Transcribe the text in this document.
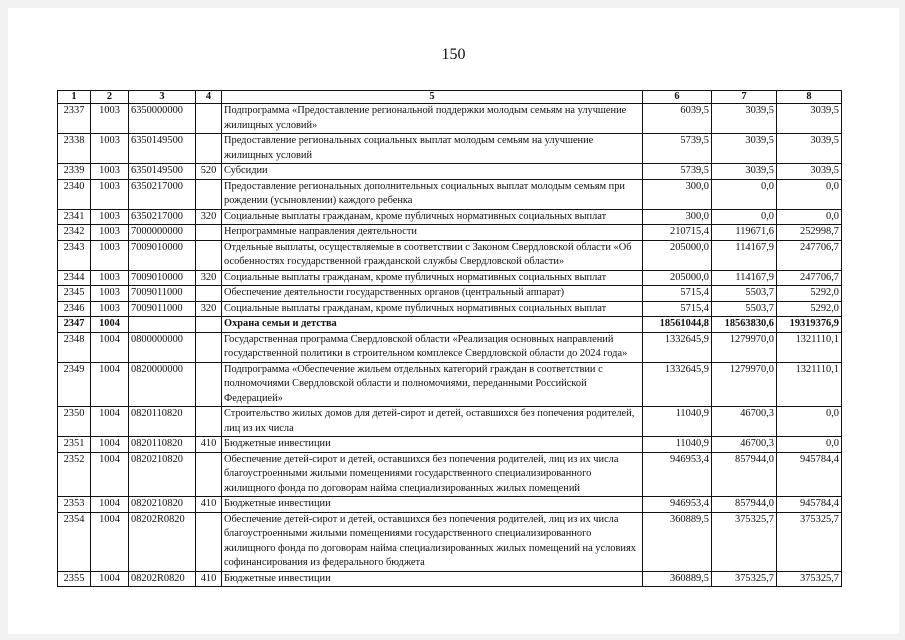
150
1	2	3	4	5	6	7	8
2337	1003	6350000000		Подпрограмма «Предоставление региональной поддержки молодым семьям на улучшение жилищных условий»	6039,5	3039,5	3039,5
2338	1003	6350149500		Предоставление региональных социальных выплат молодым семьям на улучшение жилищных условий	5739,5	3039,5	3039,5
2339	1003	6350149500	520	Субсидии	5739,5	3039,5	3039,5
2340	1003	6350217000		Предоставление региональных дополнительных социальных выплат молодым семьям при рождении (усыновлении) каждого ребенка	300,0	0,0	0,0
2341	1003	6350217000	320	Социальные выплаты гражданам, кроме публичных нормативных социальных выплат	300,0	0,0	0,0
2342	1003	7000000000		Непрограммные направления деятельности	210715,4	119671,6	252998,7
2343	1003	7009010000		Отдельные выплаты, осуществляемые в соответствии с Законом Свердловской области «Об особенностях государственной гражданской службы Свердловской области»	205000,0	114167,9	247706,7
2344	1003	7009010000	320	Социальные выплаты гражданам, кроме публичных нормативных социальных выплат	205000,0	114167,9	247706,7
2345	1003	7009011000		Обеспечение деятельности государственных органов (центральный аппарат)	5715,4	5503,7	5292,0
2346	1003	7009011000	320	Социальные выплаты гражданам, кроме публичных нормативных социальных выплат	5715,4	5503,7	5292,0
2347	1004			Охрана семьи и детства	18561044,8	18563830,6	19319376,9
2348	1004	0800000000		Государственная программа Свердловской области «Реализация основных направлений государственной политики в строительном комплексе Свердловской области до 2024 года»	1332645,9	1279970,0	1321110,1
2349	1004	0820000000		Подпрограмма «Обеспечение жильем отдельных категорий граждан в соответствии с полномочиями Свердловской области и полномочиями, переданными Российской Федерацией»	1332645,9	1279970,0	1321110,1
2350	1004	0820110820		Строительство жилых домов для детей-сирот и детей, оставшихся без попечения родителей, лиц из их числа	11040,9	46700,3	0,0
2351	1004	0820110820	410	Бюджетные инвестиции	11040,9	46700,3	0,0
2352	1004	0820210820		Обеспечение детей-сирот и детей, оставшихся без попечения родителей, лиц из их числа благоустроенными жилыми помещениями государственного специализированного жилищного фонда по договорам найма специализированных жилых помещений	946953,4	857944,0	945784,4
2353	1004	0820210820	410	Бюджетные инвестиции	946953,4	857944,0	945784,4
2354	1004	08202R0820		Обеспечение детей-сирот и детей, оставшихся без попечения родителей, лиц из их числа благоустроенными жилыми помещениями государственного специализированного жилищного фонда по договорам найма специализированных жилых помещений на условиях софинансирования из федерального бюджета	360889,5	375325,7	375325,7
2355	1004	08202R0820	410	Бюджетные инвестиции	360889,5	375325,7	375325,7
